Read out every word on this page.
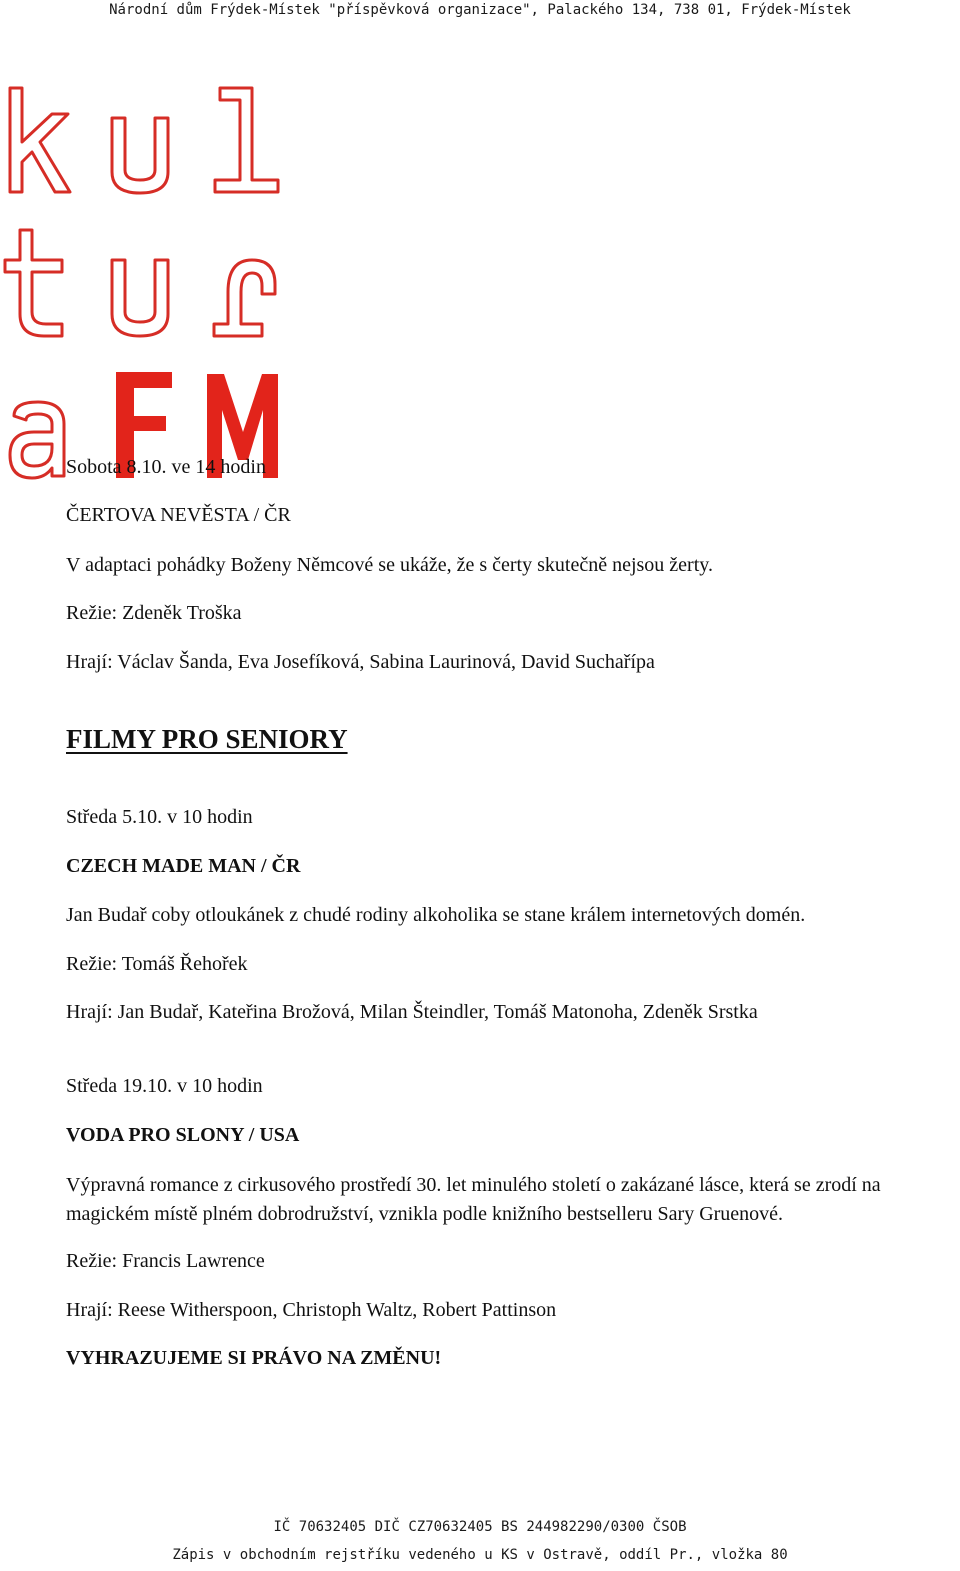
Národní dům Frýdek-Místek "příspěvková organizace", Palackého 134, 738 01, Frýdek-Místek
Sobota 8.10. ve 14 hodin
ČERTOVA NEVĚSTA / ČR
V adaptaci pohádky Boženy Němcové se ukáže, že s čerty skutečně nejsou žerty.
Režie: Zdeněk Troška
Hrají: Václav Šanda, Eva Josefíková, Sabina Laurinová, David Suchařípa
FILMY PRO SENIORY
Středa 5.10. v 10 hodin
CZECH MADE MAN / ČR
Jan Budař coby otloukánek z chudé rodiny alkoholika se stane králem internetových domén.
Režie: Tomáš Řehořek
Hrají: Jan Budař, Kateřina Brožová, Milan Šteindler, Tomáš Matonoha, Zdeněk Srstka
Středa 19.10. v 10 hodin
VODA PRO SLONY / USA
Výpravná romance z cirkusového prostředí 30. let minulého století o zakázané lásce, která se zrodí na
magickém místě plném dobrodružství, vznikla podle knižního bestselleru Sary Gruenové.
Režie: Francis Lawrence
Hrají: Reese Witherspoon, Christoph Waltz, Robert Pattinson
VYHRAZUJEME SI PRÁVO NA ZMĚNU!
IČ 70632405 DIČ CZ70632405 BS 244982290/0300 ČSOB
Zápis v obchodním rejstříku vedeného u KS v Ostravě, oddíl Pr., vložka 80
